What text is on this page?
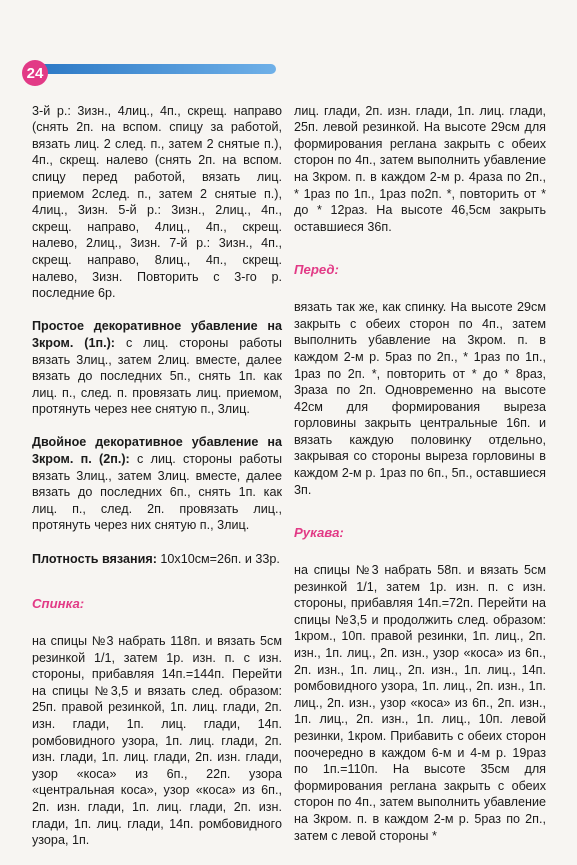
24

3-й р.: 3изн., 4лиц., 4п., скрещ. направо (снять 2п. на вспом. спицу за работой, вязать лиц. 2 след. п., затем 2 снятые п.), 4п., скрещ. налево (снять 2п. на вспом. спицу перед работой, вязать лиц. приемом 2след. п., затем 2 снятые п.), 4лиц., 3изн. 5-й р.: 3изн., 2лиц., 4п., скрещ. направо, 4лиц., 4п., скрещ. налево, 2лиц., 3изн. 7-й р.: 3изн., 4п., скрещ. направо, 8лиц., 4п., скрещ. налево, 3изн. Повторить с 3-го р. последние 6р.

Простое декоративное убавление на 3кром. (1п.): с лиц. стороны работы вязать 3лиц., затем 2лиц. вместе, далее вязать до последних 5п., снять 1п. как лиц. п., след. п. провязать лиц. приемом, протянуть через нее снятую п., 3лиц.

Двойное декоративное убавление на 3кром. п. (2п.): с лиц. стороны работы вязать 3лиц., затем 3лиц. вместе, далее вязать до последних 6п., снять 1п. как лиц. п., след. 2п. провязать лиц., протянуть через них снятую п., 3лиц.

Плотность вязания: 10х10см=26п. и 33р.

Спинка:

на спицы №3 набрать 118п. и вязать 5см резинкой 1/1, затем 1р. изн. п. с изн. стороны, прибавляя 14п.=144п. Перейти на спицы №3,5 и вязать след. образом: 25п. правой резинкой, 1п. лиц. глади, 2п. изн. глади, 1п. лиц. глади, 14п. ромбовидного узора, 1п. лиц. глади, 2п. изн. глади, 1п. лиц. глади, 2п. изн. глади, узор «коса» из 6п., 22п. узора «центральная коса», узор «коса» из 6п., 2п. изн. глади, 1п. лиц. глади, 2п. изн. глади, 1п. лиц. глади, 14п. ромбовидного узора, 1п.

лиц. глади, 2п. изн. глади, 1п. лиц. глади, 25п. левой резинкой. На высоте 29см для формирования реглана закрыть с обеих сторон по 4п., затем выполнить убавление на 3кром. п. в каждом 2-м р. 4раза по 2п., * 1раз по 1п., 1раз по2п. *, повторить от * до * 12раз. На высоте 46,5см закрыть оставшиеся 36п.

Перед:

вязать так же, как спинку. На высоте 29см закрыть с обеих сторон по 4п., затем выполнить убавление на 3кром. п. в каждом 2-м р. 5раз по 2п., * 1раз по 1п., 1раз по 2п. *, повторить от * до * 8раз, 3раза по 2п. Одновременно на высоте 42см для формирования выреза горловины закрыть центральные 16п. и вязать каждую половинку отдельно, закрывая со стороны выреза горловины в каждом 2-м р. 1раз по 6п., 5п., оставшиеся 3п.

Рукава:

на спицы №3 набрать 58п. и вязать 5см резинкой 1/1, затем 1р. изн. п. с изн. стороны, прибавляя 14п.=72п. Перейти на спицы №3,5 и продолжить след. образом: 1кром., 10п. правой резинки, 1п. лиц., 2п. изн., 1п. лиц., 2п. изн., узор «коса» из 6п., 2п. изн., 1п. лиц., 2п. изн., 1п. лиц., 14п. ромбовидного узора, 1п. лиц., 2п. изн., 1п. лиц., 2п. изн., узор «коса» из 6п., 2п. изн., 1п. лиц., 2п. изн., 1п. лиц., 10п. левой резинки, 1кром. Прибавить с обеих сторон поочередно в каждом 6-м и 4-м р. 19раз по 1п.=110п. На высоте 35см для формирования реглана закрыть с обеих сторон по 4п., затем выполнить убавление на 3кром. п. в каждом 2-м р. 5раз по 2п., затем с левой стороны *
